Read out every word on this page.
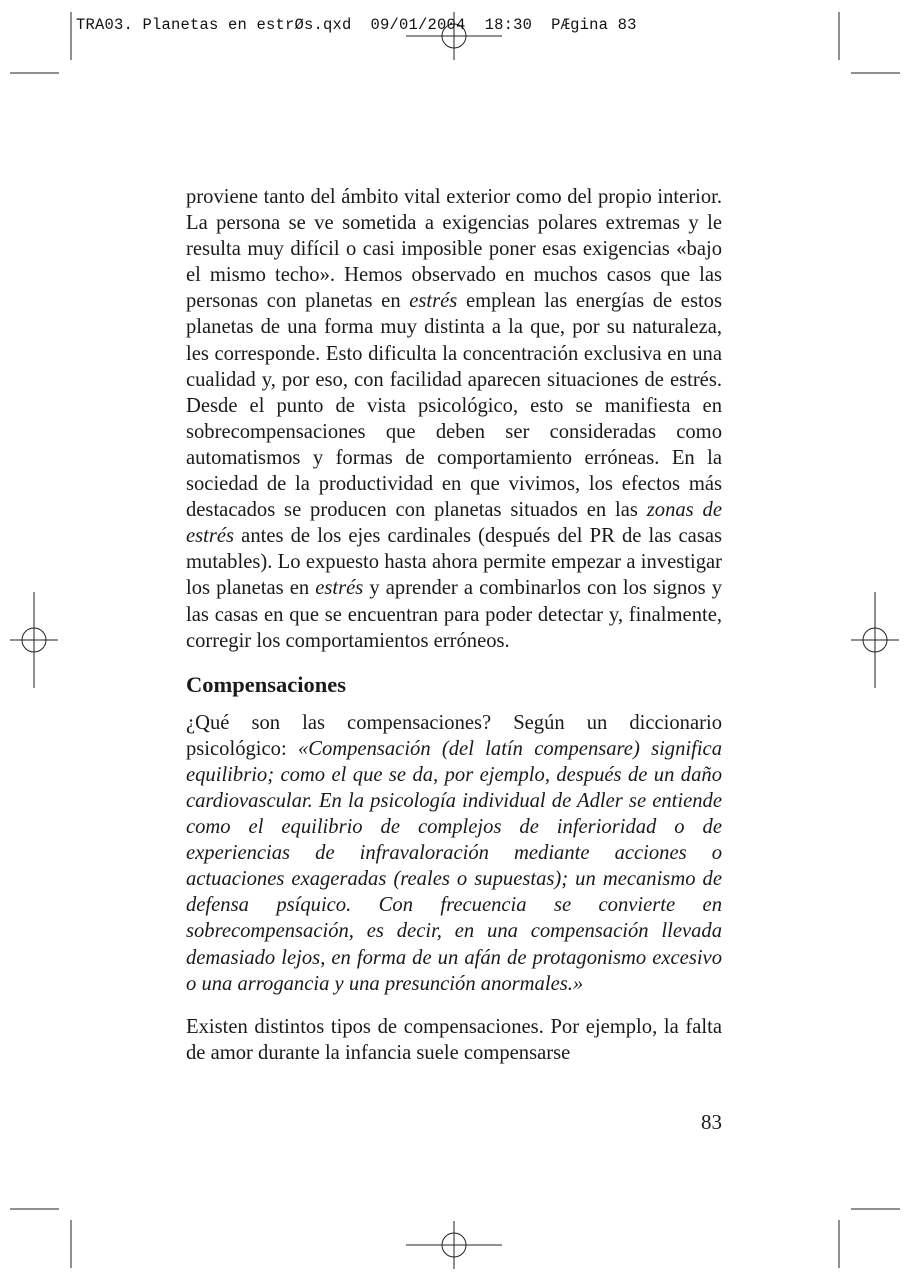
TRA03. Planetas en estrØs.qxd  09/01/2004  18:30  PÆgina 83

proviene tanto del ámbito vital exterior como del propio interior. La persona se ve sometida a exigencias polares extremas y le resulta muy difícil o casi imposible poner esas exigencias «bajo el mismo techo». Hemos observado en muchos casos que las personas con planetas en estrés emplean las energías de estos planetas de una forma muy distinta a la que, por su naturaleza, les corresponde. Esto dificulta la concentración exclusiva en una cualidad y, por eso, con facilidad aparecen situaciones de estrés. Desde el punto de vista psicológico, esto se manifiesta en sobrecompensaciones que deben ser consideradas como automatismos y formas de comportamiento erróneas. En la sociedad de la productividad en que vivimos, los efectos más destacados se producen con planetas situados en las zonas de estrés antes de los ejes cardinales (después del PR de las casas mutables). Lo expuesto hasta ahora permite empezar a investigar los planetas en estrés y aprender a combinarlos con los signos y las casas en que se encuentran para poder detectar y, finalmente, corregir los comportamientos erróneos.

Compensaciones

¿Qué son las compensaciones? Según un diccionario psicológico: «Compensación (del latín compensare) significa equilibrio; como el que se da, por ejemplo, después de un daño cardiovascular. En la psicología individual de Adler se entiende como el equilibrio de complejos de inferioridad o de experiencias de infravaloración mediante acciones o actuaciones exageradas (reales o supuestas); un mecanismo de defensa psíquico. Con frecuencia se convierte en sobrecompensación, es decir, en una compensación llevada demasiado lejos, en forma de un afán de protagonismo excesivo o una arrogancia y una presunción anormales.»

Existen distintos tipos de compensaciones. Por ejemplo, la falta de amor durante la infancia suele compensarse

83
